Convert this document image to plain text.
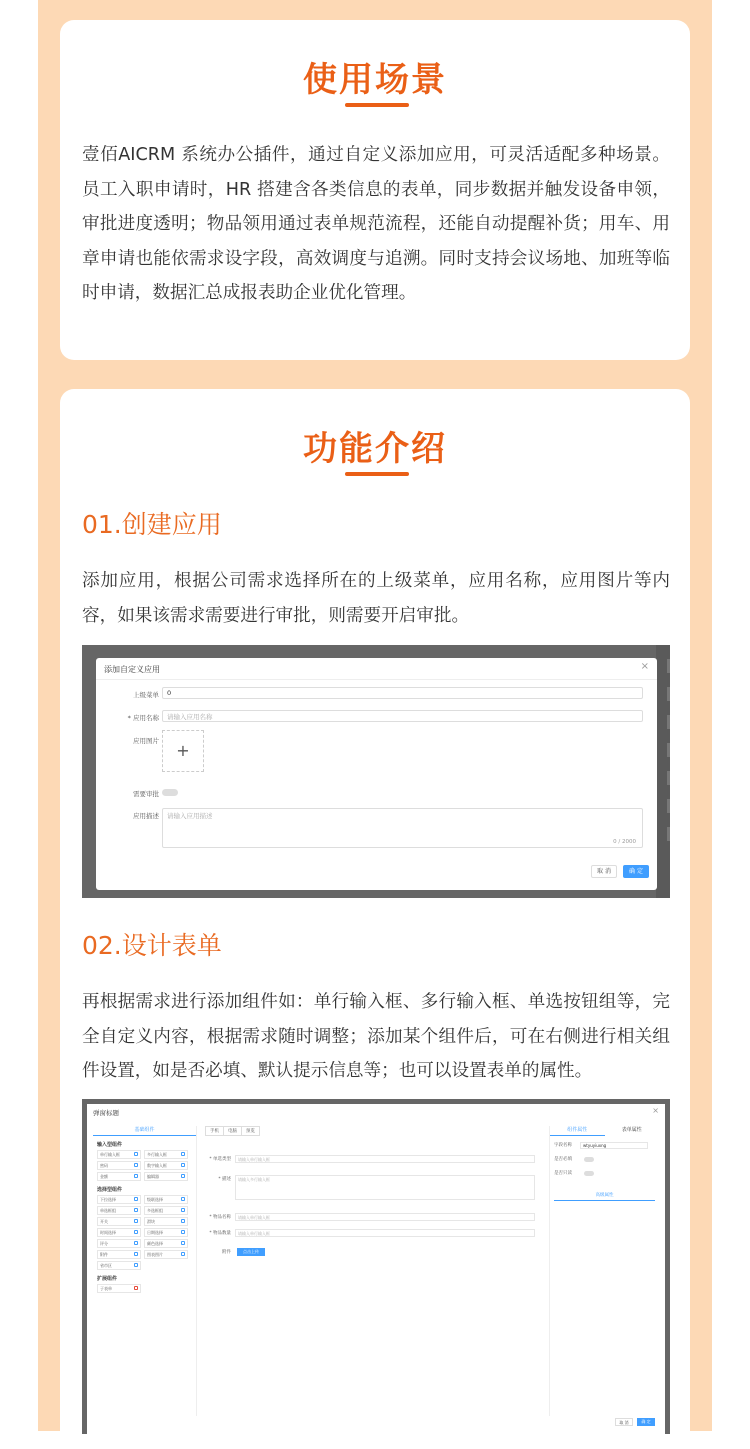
使用场景
壹佰AICRM 系统办公插件，通过自定义添加应用，可灵活适配多种场景。员工入职申请时，HR 搭建含各类信息的表单，同步数据并触发设备申领，审批进度透明；物品领用通过表单规范流程，还能自动提醒补货；用车、用章申请也能依需求设字段，高效调度与追溯。同时支持会议场地、加班等临时申请，数据汇总成报表助企业优化管理。
功能介绍
01.创建应用
添加应用，根据公司需求选择所在的上级菜单，应用名称，应用图片等内容，如果该需求需要进行审批，则需要开启审批。
添加自定义应用	×
上级菜单	0
* 应用名称	请输入应用名称
应用图片	+
需要审批
应用描述	请输入应用描述
0 / 2000
取 消	确 定
02.设计表单
再根据需求进行添加组件如：单行输入框、多行输入框、单选按钮组等，完全自定义内容，根据需求随时调整；添加某个组件后，可在右侧进行相关组件设置，如是否必填、默认提示信息等；也可以设置表单的属性。
弹窗标题	×
基础组件
输入型组件
单行输入框	多行输入框
密码	数字输入框
金额	编辑器
选择型组件
下拉选择	级联选择
单选框组	多选框组
开关	滑块
时间选择	日期选择
评分	颜色选择
附件	图表图片
省市区
扩展组件
子表单
手机 电脑 预览
* 单选类型	请输入单行输入框
* 描述	请输入多行输入框
* 物品名称	请输入单行输入框
* 物品数量	请输入单行输入框
附件	点击上传
组件属性	表单属性
字段名称	wtyuyiuxng
是否必填
是否只读
高级属性
取 消	确 定
